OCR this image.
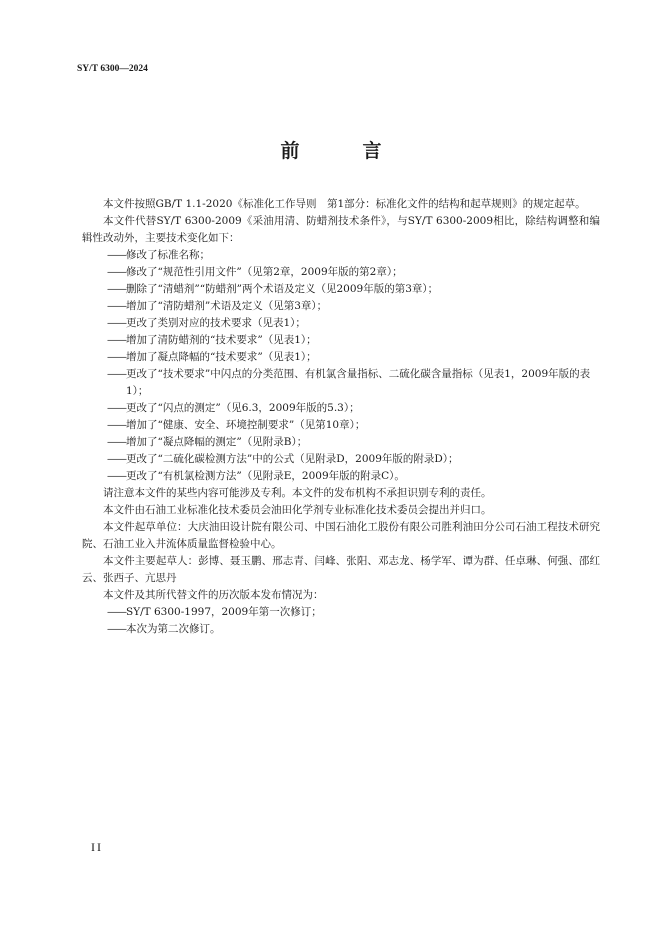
SY/T 6300—2024
前　言

本文件按照GB/T 1.1-2020《标准化工作导则　第1部分：标准化文件的结构和起草规则》的规定起草。

本文件代替SY/T 6300-2009《采油用清、防蜡剂技术条件》，与SY/T 6300-2009相比，除结构调整和编辑性改动外，主要技术变化如下：

—— 修改了标准名称；
—— 修改了“规范性引用文件”（见第2章，2009年版的第2章）；
—— 删除了“清蜡剂”“防蜡剂”两个术语及定义（见2009年版的第3章）；
—— 增加了“清防蜡剂”术语及定义（见第3章）；
—— 更改了类别对应的技术要求（见表1）；
—— 增加了清防蜡剂的“技术要求”（见表1）；
—— 增加了凝点降幅的“技术要求”（见表1）；
—— 更改了“技术要求”中闪点的分类范围、有机氯含量指标、二硫化碳含量指标（见表1，2009年版的表1）；
—— 更改了“闪点的测定”（见6.3，2009年版的5.3）；
—— 增加了“健康、安全、环境控制要求”（见第10章）；
—— 增加了“凝点降幅的测定”（见附录B）；
—— 更改了“二硫化碳检测方法”中的公式（见附录D，2009年版的附录D）；
—— 更改了“有机氯检测方法”（见附录E，2009年版的附录C）。

请注意本文件的某些内容可能涉及专利。本文件的发布机构不承担识别专利的责任。

本文件由石油工业标准化技术委员会油田化学剂专业标准化技术委员会提出并归口。

本文件起草单位：大庆油田设计院有限公司、中国石油化工股份有限公司胜利油田分公司石油工程技术研究院、石油工业入井流体质量监督检验中心。

本文件主要起草人：彭博、聂玉鹏、邢志青、闫峰、张阳、邓志龙、杨学军、谭为群、任卓琳、何强、邵红云、张西子、亢思丹

本文件及其所代替文件的历次版本发布情况为：

—— SY/T 6300-1997，2009年第一次修订；
—— 本次为第二次修订。
II
